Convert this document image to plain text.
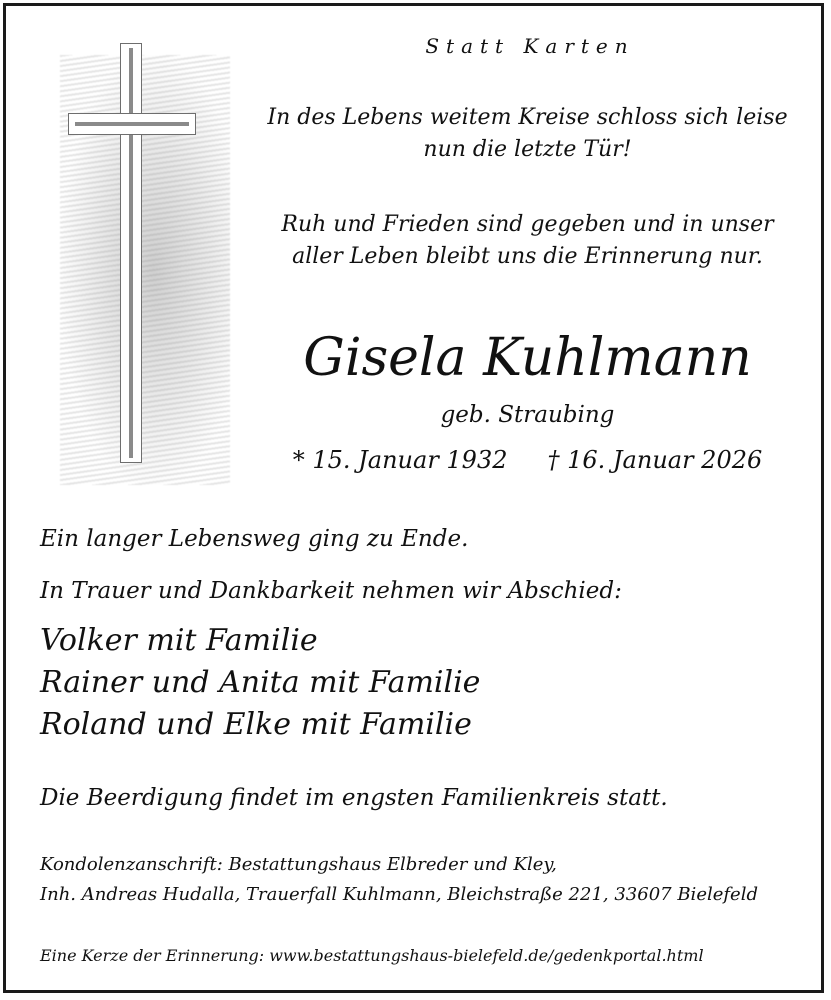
Statt Karten
In des Lebens weitem Kreise schloss sich leise
nun die letzte Tür!
Ruh und Frieden sind gegeben und in unser
aller Leben bleibt uns die Erinnerung nur.
Gisela Kuhlmann
geb. Straubing
* 15. Januar 1932 † 16. Januar 2026
Ein langer Lebensweg ging zu Ende.
In Trauer und Dankbarkeit nehmen wir Abschied:
Volker mit Familie
Rainer und Anita mit Familie
Roland und Elke mit Familie
Die Beerdigung findet im engsten Familienkreis statt.
Kondolenzanschrift: Bestattungshaus Elbreder und Kley,
Inh. Andreas Hudalla, Trauerfall Kuhlmann, Bleichstraße 221, 33607 Bielefeld
Eine Kerze der Erinnerung: www.bestattungshaus-bielefeld.de/gedenkportal.html
